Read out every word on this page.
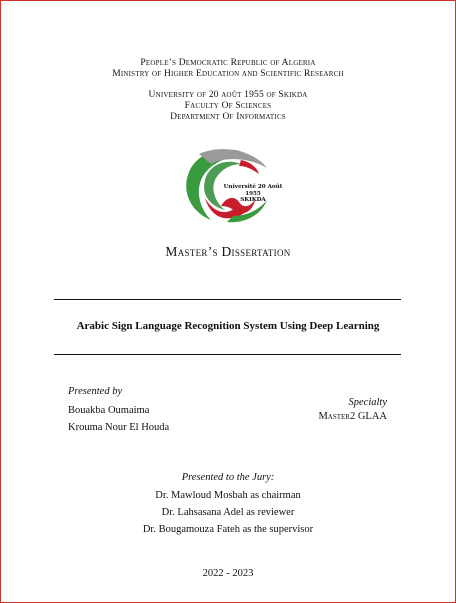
People’s Democratic Republic of Algeria
Ministry of Higher Education and Scientific Research
University of 20 août 1955 of Skikda
Faculty Of Sciences
Department Of Informatics
Université 20 Août 1955
SKIKDA
Master’s Dissertation
Arabic Sign Language Recognition System Using Deep Learning
Presented by
Bouakba Oumaima
Krouma Nour El Houda
Specialty
Master2 GLAA
Presented to the Jury:
Dr. Mawloud Mosbah as chairman
Dr. Lahsasana Adel as reviewer
Dr. Bougamouza Fateh as the supervisor
2022 - 2023
